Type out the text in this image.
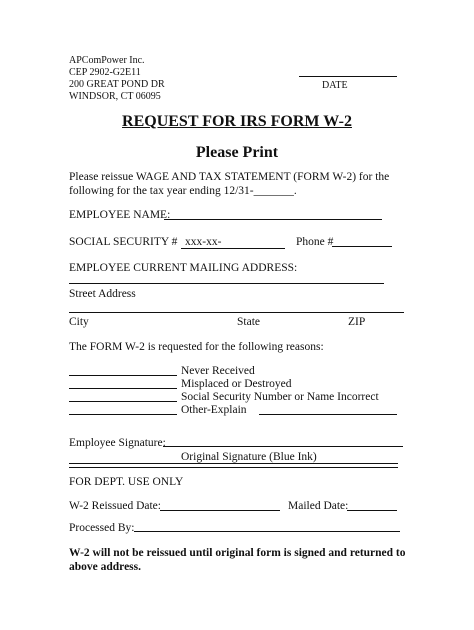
APComPower Inc.
CEP 2902-G2E11
200 GREAT POND DR
WINDSOR, CT 06095
DATE
REQUEST FOR IRS FORM W-2
Please Print
Please reissue WAGE AND TAX STATEMENT (FORM W-2) for the
following for the tax year ending 12/31-_______.
EMPLOYEE NAME:
SOCIAL SECURITY # xxx-xx-	Phone #
EMPLOYEE CURRENT MAILING ADDRESS:
Street Address
City	State	ZIP
The FORM W-2 is requested for the following reasons:
Never Received
Misplaced or Destroyed
Social Security Number or Name Incorrect
Other-Explain
Employee Signature:
Original Signature (Blue Ink)
FOR DEPT. USE ONLY
W-2 Reissued Date:	Mailed Date:
Processed By:
W-2 will not be reissued until original form is signed and returned to
above address.
